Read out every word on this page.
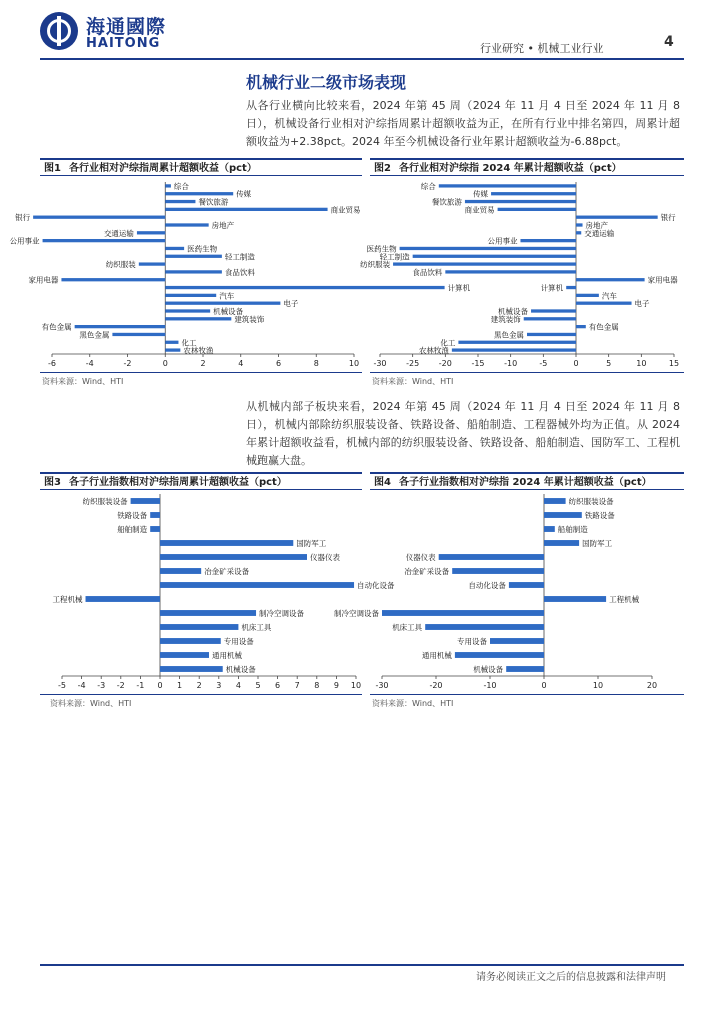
海通國際
HAITONG	行业研究 • 机械工业行业	4
机械行业二级市场表现
从各行业横向比较来看，2024 年第 45 周（2024 年 11 月 4 日至 2024 年 11 月 8 日），机械设备行业相对沪综指周累计超额收益为正，在所有行业中排名第四，周累计超额收益为+2.38pct。2024 年至今机械设备行业年累计超额收益为-6.88pct。
图1 各行业相对沪综指周累计超额收益（pct）
-6	-4	-2	0	2	4	6	8	10
综合
传媒
餐饮旅游
商业贸易
银行
房地产
交通运输
公用事业
医药生物
轻工制造
纺织服装
食品饮料
家用电器
计算机
汽车
电子
机械设备
建筑装饰
有色金属
黑色金属
化工
农林牧渔
资料来源：Wind、HTI
图2 各行业相对沪综指 2024 年累计超额收益（pct）
-30 -25 -20 -15 -10	-5	0	5	10	15
综合
传媒
餐饮旅游
商业贸易
银行
房地产
交通运输
公用事业
医药生物
轻工制造
纺织服装
食品饮料
家用电器
计算机
汽车
电子
机械设备
建筑装饰
有色金属
黑色金属
化工
农林牧渔
资料来源：Wind、HTI
从机械内部子板块来看，2024 年第 45 周（2024 年 11 月 4 日至 2024 年 11 月 8 日），机械内部除纺织服装设备、铁路设备、船舶制造、工程器械外均为正值。从 2024 年累计超额收益看，机械内部的纺织服装设备、铁路设备、船舶制造、国防军工、工程机械跑赢大盘。
图3 各子行业指数相对沪综指周累计超额收益（pct）
-5 -4 -3 -2 -1 0 1 2 3 4 5 6 7 8 9 10
纺织服装设备
铁路设备
船舶制造
国防军工
仪器仪表
冶金矿采设备
自动化设备
工程机械
制冷空调设备
机床工具
专用设备
通用机械
机械设备
资料来源：Wind、HTI
图4 各子行业指数相对沪综指 2024 年累计超额收益（pct）
-30	-20	-10	0	10	20
纺织服装设备
铁路设备
船舶制造
国防军工
仪器仪表
冶金矿采设备
自动化设备
工程机械
制冷空调设备
机床工具
专用设备
通用机械
机械设备
资料来源：Wind、HTI
请务必阅读正文之后的信息披露和法律声明
